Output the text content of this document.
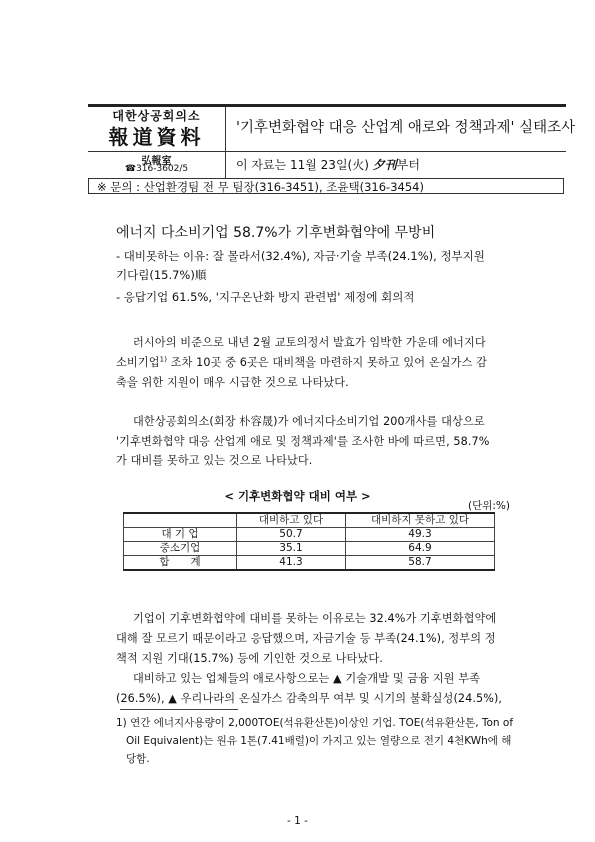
대한상공회의소
報道資料	'기후변화협약 대응 산업계 애로와 정책과제' 실태조사
弘報室
☎316-3602/5	이 자료는 11월 23일(火) 夕刊부터
※ 문의 : 산업환경팀 전 무 팀장(316-3451), 조윤택(316-3454)
에너지 다소비기업 58.7%가 기후변화협약에 무방비
- 대비못하는 이유: 잘 몰라서(32.4%), 자금·기술 부족(24.1%), 정부지원
기다림(15.7%)順
- 응답기업 61.5%, '지구온난화 방지 관련법' 제정에 회의적
러시아의 비준으로 내년 2월 교토의정서 발효가 임박한 가운데 에너지다
소비기업$^{1)}$ 조차 10곳 중 6곳은 대비책을 마련하지 못하고 있어 온실가스 감
축을 위한 지원이 매우 시급한 것으로 나타났다.
대한상공회의소(회장 朴容晟)가 에너지다소비기업 200개사를 대상으로
'기후변화협약 대응 산업계 애로 및 정책과제'를 조사한 바에 따르면, 58.7%
가 대비를 못하고 있는 것으로 나타났다.
< 기후변화협약 대비 여부 >
(단위:%)
	대비하고 있다	대비하지 못하고 있다
대 기 업	50.7	49.3
중소기업	35.1	64.9
합　　계	41.3	58.7
기업이 기후변화협약에 대비를 못하는 이유로는 32.4%가 기후변화협약에
대해 잘 모르기 때문이라고 응답했으며, 자금기술 등 부족(24.1%), 정부의 정
책적 지원 기대(15.7%) 등에 기인한 것으로 나타났다.
대비하고 있는 업체들의 애로사항으로는 ▲ 기술개발 및 금융 지원 부족
(26.5%), ▲ 우리나라의 온실가스 감축의무 여부 및 시기의 불확실성(24.5%),
1) 연간 에너지사용량이 2,000TOE(석유환산톤)이상인 기업. TOE(석유환산톤, Ton of
Oil Equivalent)는 원유 1톤(7.41배럴)이 가지고 있는 열량으로 전기 4천KWh에 해
당함.
- 1 -
